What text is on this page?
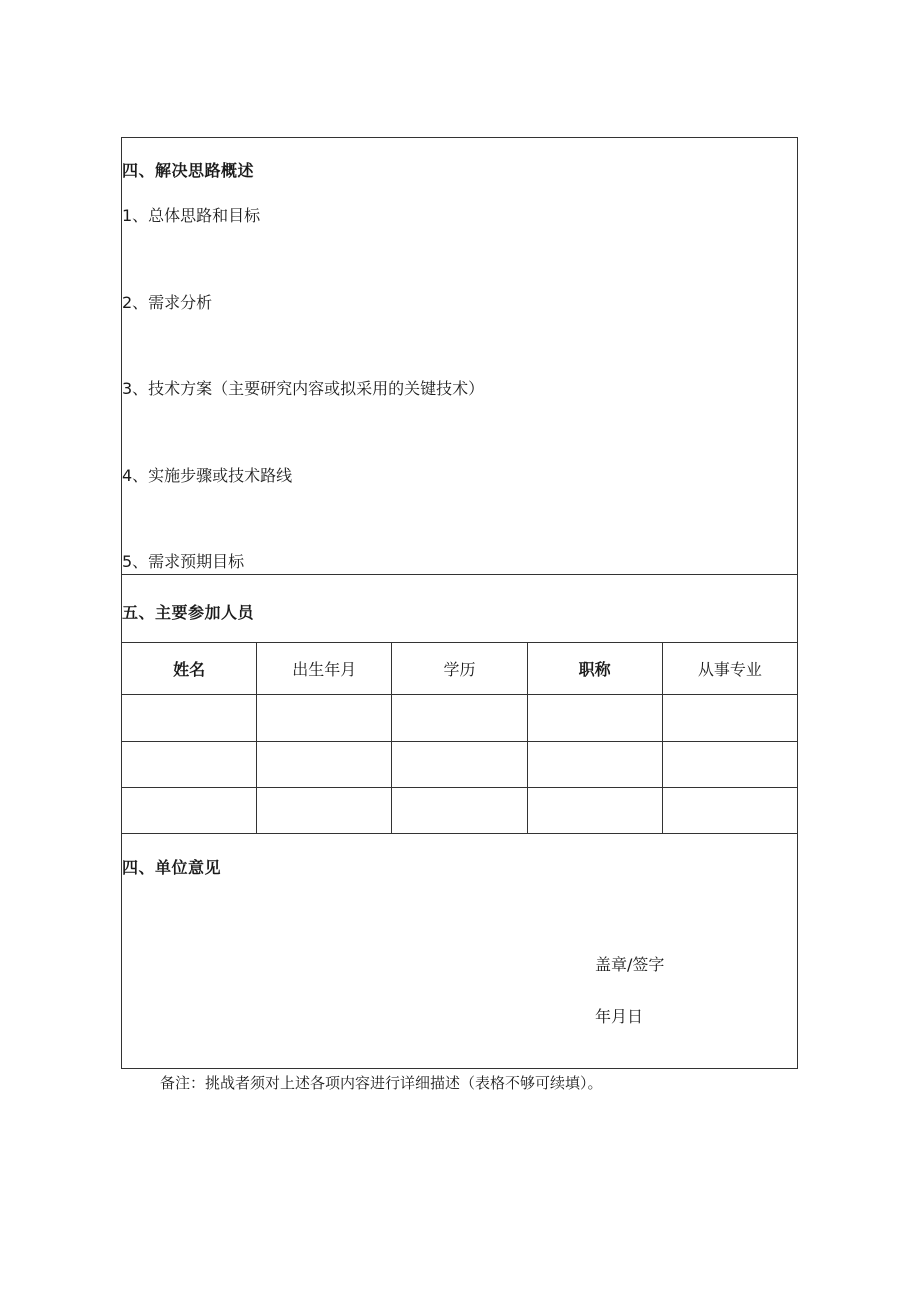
四、解决思路概述
1、总体思路和目标
2、需求分析
3、技术方案（主要研究内容或拟采用的关键技术）
4、实施步骤或技术路线
5、需求预期目标
五、主要参加人员
姓名	出生年月	学历	职称	从事专业

四、单位意见
盖章/签字
年月日
备注：挑战者须对上述各项内容进行详细描述（表格不够可续填）。
